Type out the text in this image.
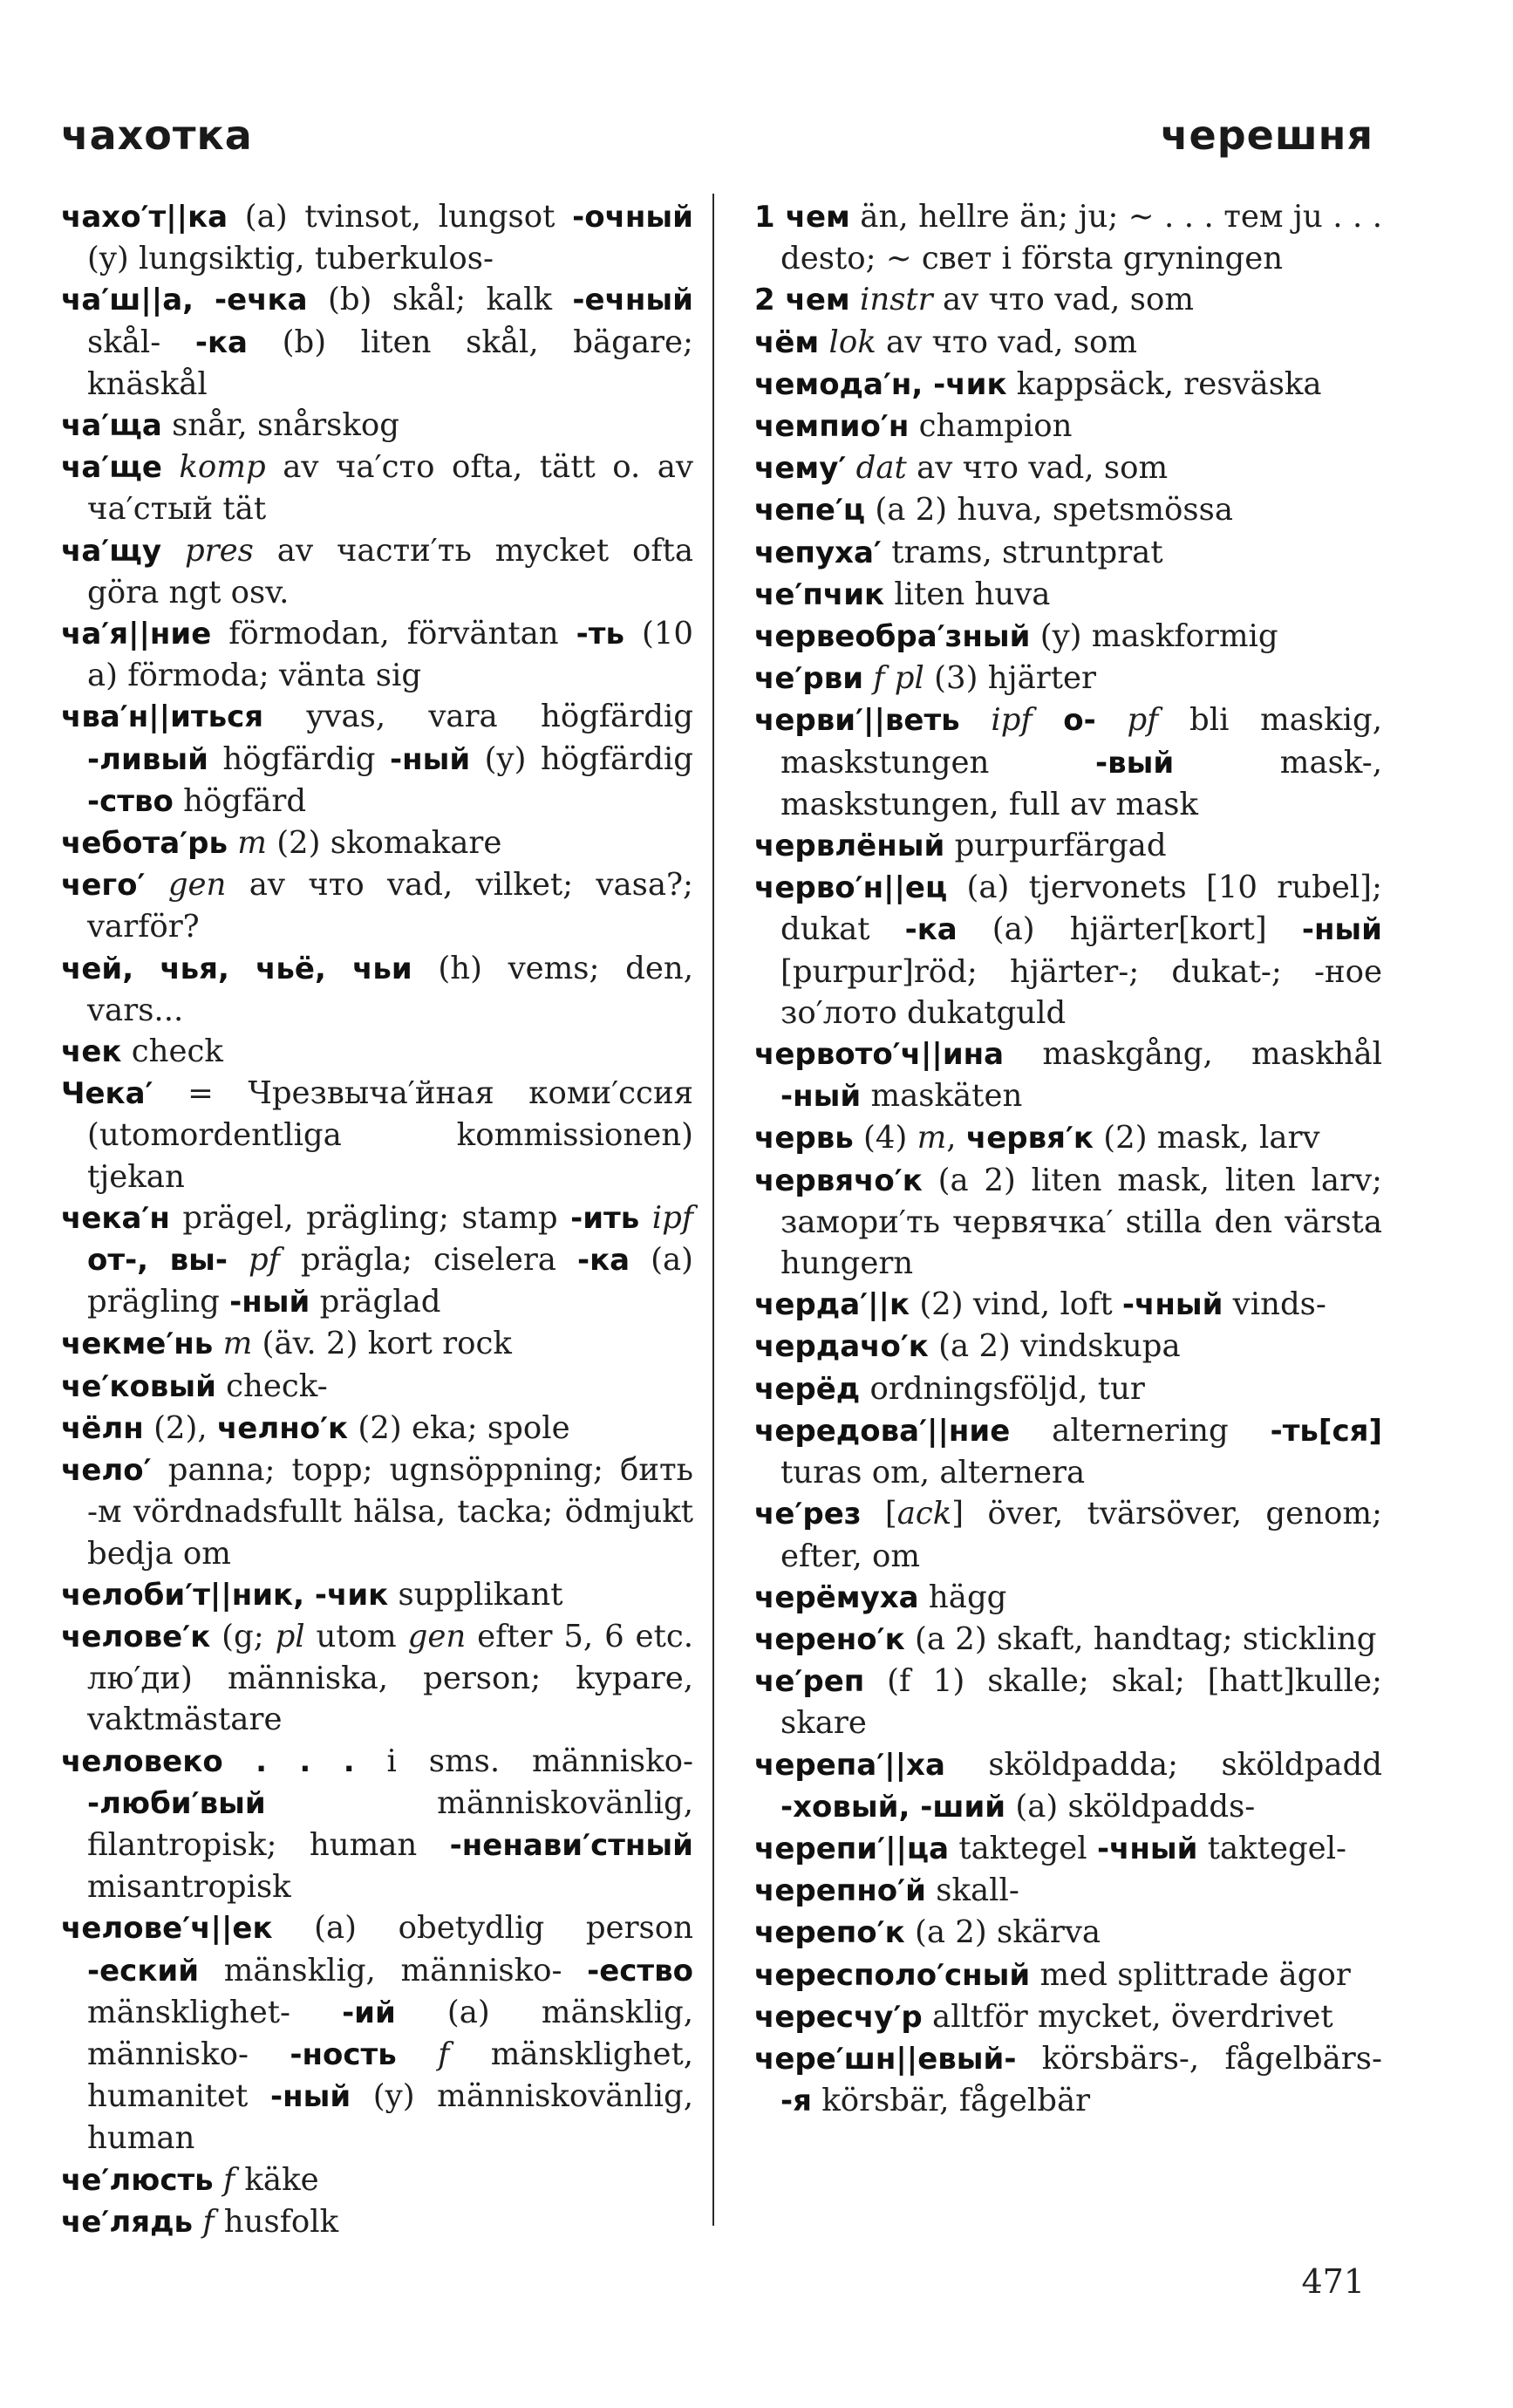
чахотка	черешня
чахо′т||ка (a) tvinsot, lungsot -очный (y) lungsiktig, tuberkulos-
ча′ш||а, -ечка (b) skål; kalk -ечный skål- -ка (b) liten skål, bägare; knäskål
ча′ща snår, snårskog
ча′ще komp av ча′сто ofta, tätt o. av ча′стый tät
ча′щу pres av части′ть mycket ofta göra ngt osv.
ча′я||ние förmodan, förväntan -ть (10 a) förmoda; vänta sig
чва′н||иться yvas, vara högfärdig -ливый högfärdig -ный (y) högfärdig -ство högfärd
чебота′рь m (2) skomakare
чего′ gen av что vad, vilket; vasa?; varför?
чей, чья, чьё, чьи (h) vems; den, vars...
чек check
Чека′ = Чрезвыча′йная коми′ссия (utomordentliga kommissionen) tjekan
чека′н prägel, prägling; stamp -ить ipf от-, вы- pf prägla; ciselera -ка (a) prägling -ный präglad
чекме′нь m (äv. 2) kort rock
че′ковый check-
чёлн (2), челно′к (2) eka; spole
чело′ panna; topp; ugnsöppning; бить -м vördnadsfullt hälsa, tacka; ödmjukt bedja om
челоби′т||ник, -чик supplikant
челове′к (g; pl utom gen efter 5, 6 etc. лю′ди) människa, person; kypare, vaktmästare
человеко . . . i sms. människo- -люби′вый människovänlig, filantropisk; human -ненави′стный misantropisk
челове′ч||ек (a) obetydlig person -еский mänsklig, människo- -ество mänsklighet- -ий (a) mänsklig, människo- -ность f mänsklighet, humanitet -ный (y) människovänlig, human
че′люсть f käke
че′лядь f husfolk
1 чем än, hellre än; ju; ~ . . . тем ju . . . desto; ~ свет i första gryningen
2 чем instr av что vad, som
чём lok av что vad, som
чемода′н, -чик kappsäck, resväska
чемпио′н champion
чему′ dat av что vad, som
чепе′ц (a 2) huva, spetsmössa
чепуха′ trams, struntprat
че′пчик liten huva
червеобра′зный (y) maskformig
че′рви f pl (3) hjärter
черви′||веть ipf о- pf bli maskig, maskstungen -вый mask-, maskstungen, full av mask
червлёный purpurfärgad
черво′н||ец (a) tjervonets [10 rubel]; dukat -ка (a) hjärter[kort] -ный [purpur]röd; hjärter-; dukat-; -ное зо′лото dukatguld
червото′ч||ина maskgång, maskhål -ный maskäten
червь (4) m, червя′к (2) mask, larv
червячо′к (a 2) liten mask, liten larv; замори′ть червячка′ stilla den värsta hungern
черда′||к (2) vind, loft -чный vinds-
чердачо′к (a 2) vindskupa
черёд ordningsföljd, tur
чередова′||ние alternering -ть[ся] turas om, alternera
че′рез [ack] över, tvärsöver, genom; efter, om
черёмуха hägg
черено′к (a 2) skaft, handtag; stickling
че′реп (f 1) skalle; skal; [hatt]kulle; skare
черепа′||ха sköldpadda; sköldpadd -ховый, -ший (a) sköldpadds-
черепи′||ца taktegel -чный taktegel-
черепно′й skall-
черепо′к (a 2) skärva
чересполо′сный med splittrade ägor
чересчу′р alltför mycket, överdrivet
чере′шн||евый- körsbärs-, fågelbärs- -я körsbär, fågelbär
471
